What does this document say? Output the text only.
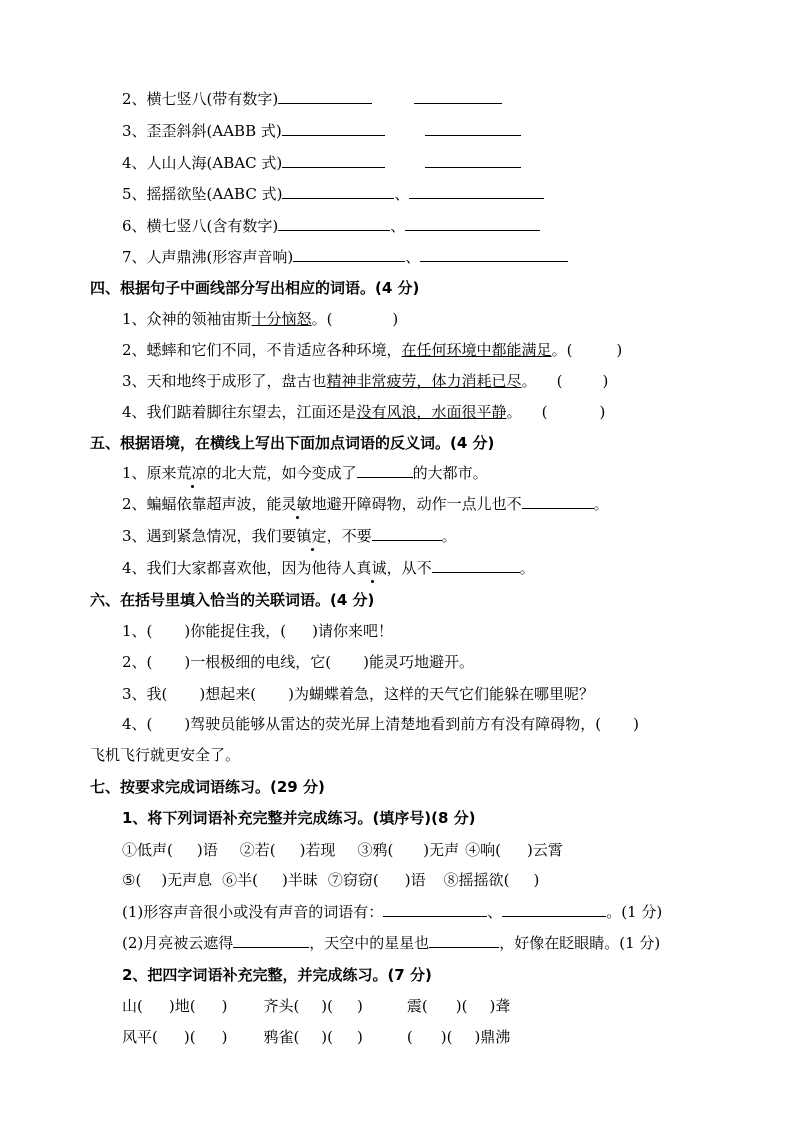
2、横七竖八(带有数字)
3、歪歪斜斜(AABB 式)
4、人山人海(ABAC 式)
5、摇摇欲坠(AABC 式)	、
6、横七竖八(含有数字)	、
7、人声鼎沸(形容声音响)	、
四、根据句子中画线部分写出相应的词语。(4 分)
1、众神的领袖宙斯十分恼怒。(	)
2、蟋蟀和它们不同，不肯适应各种环境，在任何环境中都能满足。(	)
3、天和地终于成形了，盘古也精神非常疲劳，体力消耗已尽。 (	)
4、我们踮着脚往东望去，江面还是没有风浪，水面很平静。 (	)
五、根据语境，在横线上写出下面加点词语的反义词。(4 分)
1、原来荒凉的北大荒，如今变成了	的大都市。
2、蝙蝠依靠超声波，能灵敏地避开障碍物，动作一点儿也不	。
3、遇到紧急情况，我们要镇定，不要	。
4、我们大家都喜欢他，因为他待人真诚，从不	。
六、在括号里填入恰当的关联词语。(4 分)
1、( )你能捉住我，( )请你来吧！
2、( )一根极细的电线，它( )能灵巧地避开。
3、我( )想起来( )为蝴蝶着急，这样的天气它们能躲在哪里呢？
4、( )驾驶员能够从雷达的荧光屏上清楚地看到前方有没有障碍物，( )
飞机飞行就更安全了。
七、按要求完成词语练习。(29 分)
1、将下列词语补充完整并完成练习。(填序号)(8 分)
①低声( )语 ②若( )若现 ③鸦( )无声 ④响( )云霄
⑤( )无声息 ⑥半( )半昧 ⑦窃窃( )语 ⑧摇摇欲( )
(1)形容声音很小或没有声音的词语有：	、	。(1 分)
(2)月亮被云遮得	，天空中的星星也	，好像在眨眼睛。(1 分)
2、把四字词语补充完整，并完成练习。(7 分)
山( )地( ) 齐头( )( )	震( )( )聋
风平( )( ) 鸦雀( )( )	( )( )鼎沸
